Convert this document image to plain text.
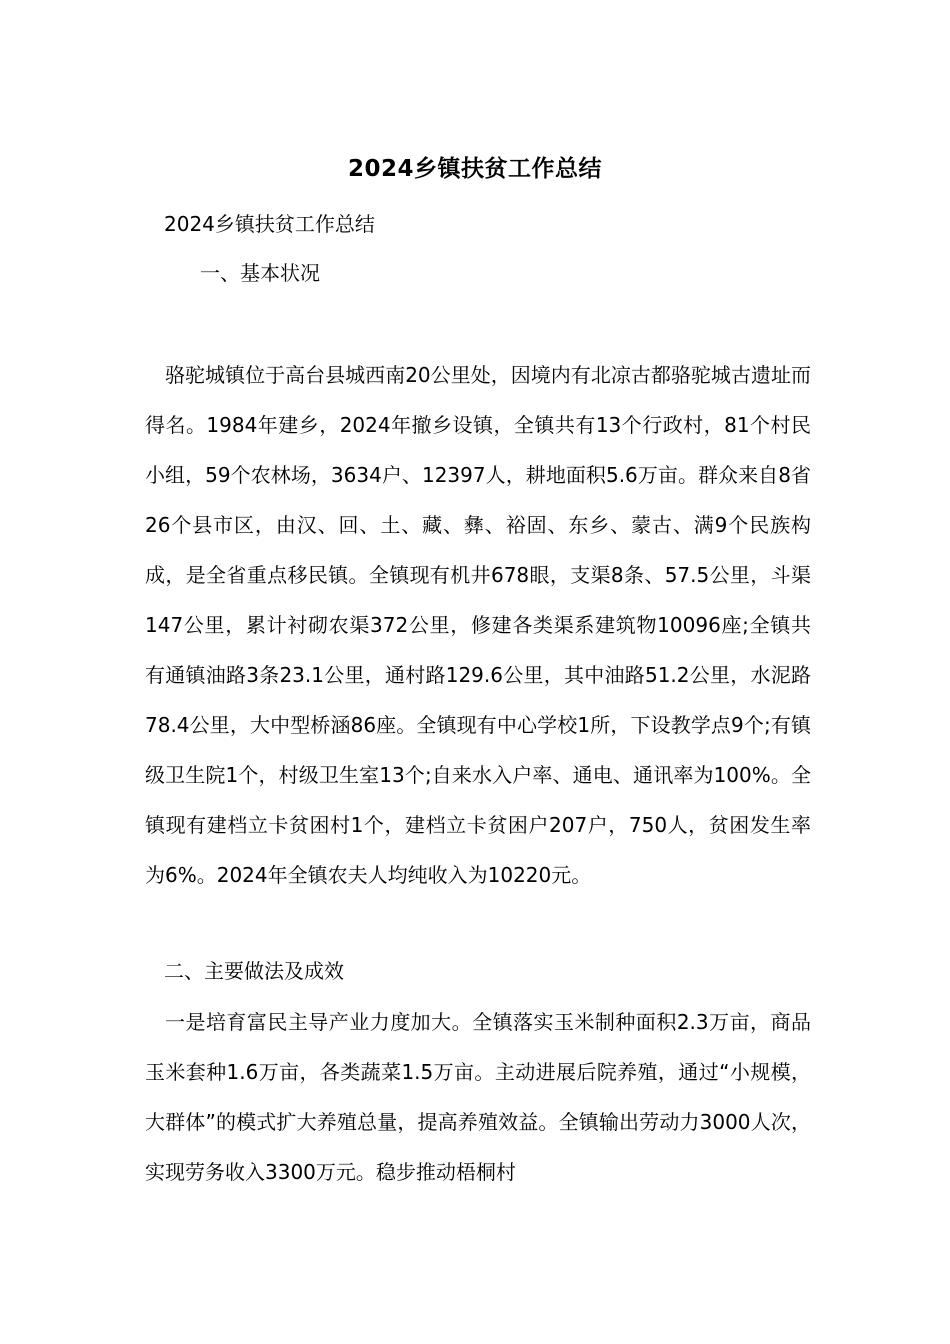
2024乡镇扶贫工作总结
2024乡镇扶贫工作总结
一、基本状况

骆驼城镇位于高台县城西南20公里处，因境内有北凉古都骆驼城古遗址而得名。1984年建乡，2024年撤乡设镇，全镇共有13个行政村，81个村民小组，59个农林场，3634户、12397人，耕地面积5.6万亩。群众来自8省26个县市区，由汉、回、土、藏、彝、裕固、东乡、蒙古、满9个民族构成，是全省重点移民镇。全镇现有机井678眼，支渠8条、57.5公里，斗渠147公里，累计衬砌农渠372公里，修建各类渠系建筑物10096座;全镇共有通镇油路3条23.1公里，通村路129.6公里，其中油路51.2公里，水泥路78.4公里，大中型桥涵86座。全镇现有中心学校1所，下设教学点9个;有镇级卫生院1个，村级卫生室13个;自来水入户率、通电、通讯率为100%。全镇现有建档立卡贫困村1个，建档立卡贫困户207户，750人，贫困发生率为6%。2024年全镇农夫人均纯收入为10220元。

二、主要做法及成效

一是培育富民主导产业力度加大。全镇落实玉米制种面积2.3万亩，商品玉米套种1.6万亩，各类蔬菜1.5万亩。主动进展后院养殖，通过“小规模，大群体”的模式扩大养殖总量，提高养殖效益。全镇输出劳动力3000人次，实现劳务收入3300万元。稳步推动梧桐村
